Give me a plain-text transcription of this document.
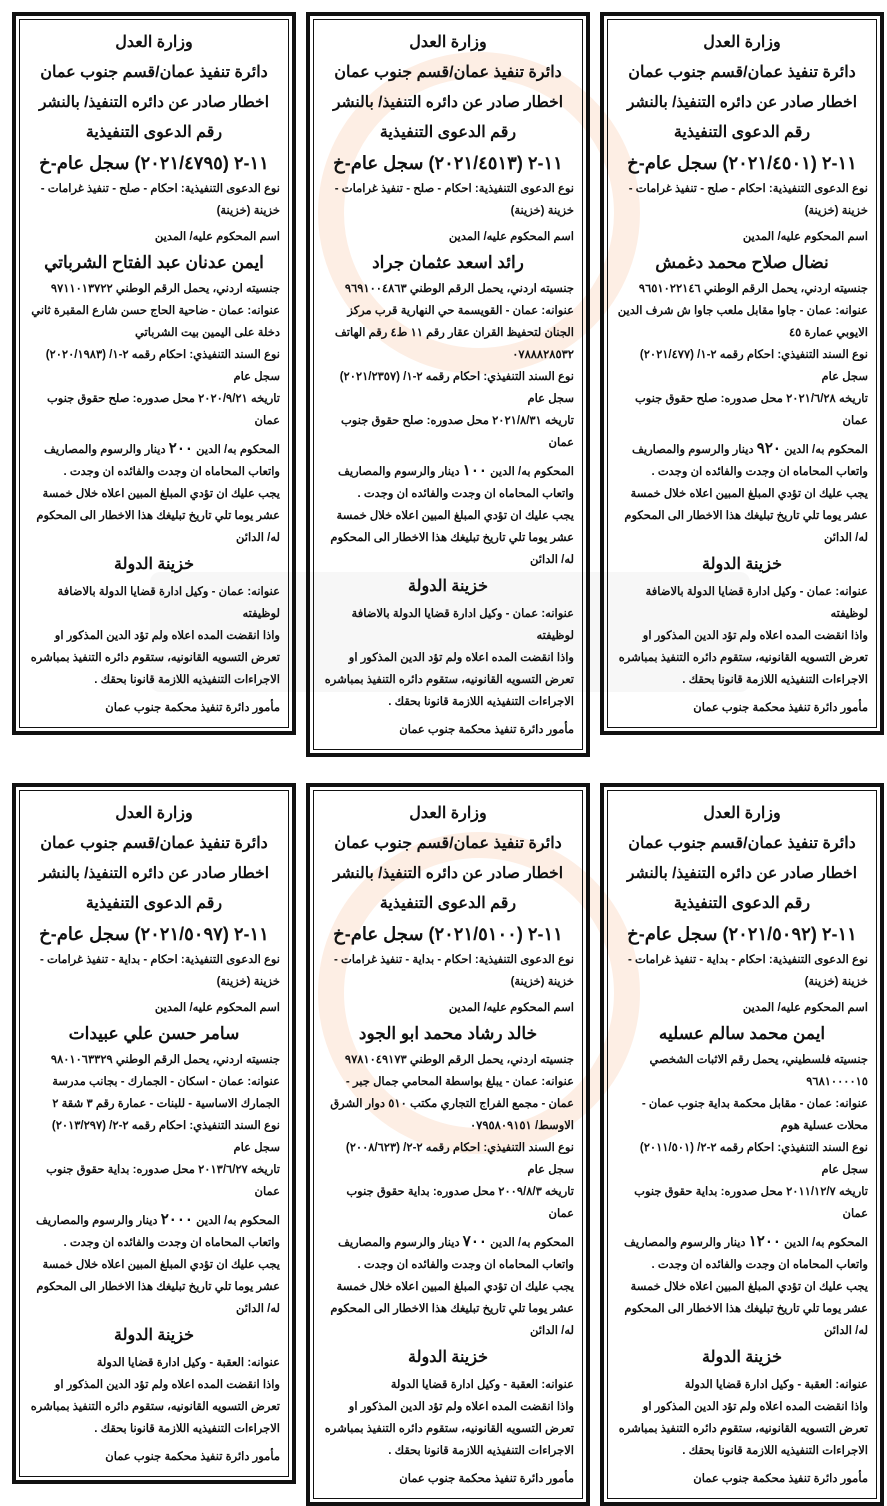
وزارة العدل
دائرة تنفيذ عمان/قسم جنوب عمان
اخطار صادر عن دائره التنفيذ/ بالنشر
رقم الدعوى التنفيذية
١١-٢ (٢٠٢١/٤٥٠١) سجل عام-خ
نوع الدعوى التنفيذية: احكام - صلح - تنفيذ غرامات - خزينة (خزينة)
اسم المحكوم عليه/ المدين
نضال صلاح محمد دغمش
جنسيته اردني، يحمل الرقم الوطني ٩٦٥١٠٢٢١٤٦
عنوانه: عمان - جاوا مقابل ملعب جاوا ش شرف الدين الايوبي عمارة ٤٥
نوع السند التنفيذي: احكام رقمه ٢-١/ (٢٠٢١/٤٧٧) سجل عام
تاريخه ٢٠٢١/٦/٢٨ محل صدوره: صلح حقوق جنوب عمان
المحكوم به/ الدين ٩٢٠ دينار والرسوم والمصاريف واتعاب المحاماه ان وجدت والفائده ان وجدت .
يجب عليك ان تؤدي المبلغ المبين اعلاه خلال خمسة عشر يوما تلي تاريخ تبليغك هذا الاخطار الى المحكوم له/ الدائن
خزينة الدولة
عنوانه: عمان - وكيل ادارة قضايا الدولة بالاضافة لوظيفته
واذا انقضت المده اعلاه ولم تؤد الدين المذكور او تعرض التسويه القانونيه، ستقوم دائره التنفيذ بمباشره الاجراءات التنفيذيه اللازمة قانونا بحقك .
مأمور دائرة تنفيذ محكمة جنوب عمان
وزارة العدل
دائرة تنفيذ عمان/قسم جنوب عمان
اخطار صادر عن دائره التنفيذ/ بالنشر
رقم الدعوى التنفيذية
١١-٢ (٢٠٢١/٤٥١٣) سجل عام-خ
نوع الدعوى التنفيذية: احكام - صلح - تنفيذ غرامات - خزينة (خزينة)
اسم المحكوم عليه/ المدين
رائد اسعد عثمان جراد
جنسيته اردني، يحمل الرقم الوطني ٩٦٩١٠٠٤٨٦٣
عنوانه: عمان - القويسمة حي النهارية قرب مركز الجنان لتحفيظ القران عقار رقم ١١ ط٤ رقم الهاتف ٠٧٨٨٨٢٨٥٣٢
نوع السند التنفيذي: احكام رقمه ٢-١/ (٢٠٢١/٢٣٥٧) سجل عام
تاريخه ٢٠٢١/٨/٣١ محل صدوره: صلح حقوق جنوب عمان
المحكوم به/ الدين ١٠٠ دينار والرسوم والمصاريف واتعاب المحاماه ان وجدت والفائده ان وجدت .
يجب عليك ان تؤدي المبلغ المبين اعلاه خلال خمسة عشر يوما تلي تاريخ تبليغك هذا الاخطار الى المحكوم له/ الدائن
خزينة الدولة
عنوانه: عمان - وكيل ادارة قضايا الدولة بالاضافة لوظيفته
واذا انقضت المده اعلاه ولم تؤد الدين المذكور او تعرض التسويه القانونيه، ستقوم دائره التنفيذ بمباشره الاجراءات التنفيذيه اللازمة قانونا بحقك .
مأمور دائرة تنفيذ محكمة جنوب عمان
وزارة العدل
دائرة تنفيذ عمان/قسم جنوب عمان
اخطار صادر عن دائره التنفيذ/ بالنشر
رقم الدعوى التنفيذية
١١-٢ (٢٠٢١/٤٧٩٥) سجل عام-خ
نوع الدعوى التنفيذية: احكام - صلح - تنفيذ غرامات - خزينة (خزينة)
اسم المحكوم عليه/ المدين
ايمن عدنان عبد الفتاح الشرباتي
جنسيته اردني، يحمل الرقم الوطني ٩٧١١٠١٣٧٢٢
عنوانه: عمان - ضاحية الحاج حسن شارع المقبرة ثاني دخلة على اليمين بيت الشرباتي
نوع السند التنفيذي: احكام رقمه ٢-١/ (٢٠٢٠/١٩٨٣) سجل عام
تاريخه ٢٠٢٠/٩/٢١ محل صدوره: صلح حقوق جنوب عمان
المحكوم به/ الدين ٢٠٠ دينار والرسوم والمصاريف واتعاب المحاماه ان وجدت والفائده ان وجدت .
يجب عليك ان تؤدي المبلغ المبين اعلاه خلال خمسة عشر يوما تلي تاريخ تبليغك هذا الاخطار الى المحكوم له/ الدائن
خزينة الدولة
عنوانه: عمان - وكيل ادارة قضايا الدولة بالاضافة لوظيفته
واذا انقضت المده اعلاه ولم تؤد الدين المذكور او تعرض التسويه القانونيه، ستقوم دائره التنفيذ بمباشره الاجراءات التنفيذيه اللازمة قانونا بحقك .
مأمور دائرة تنفيذ محكمة جنوب عمان
وزارة العدل
دائرة تنفيذ عمان/قسم جنوب عمان
اخطار صادر عن دائره التنفيذ/ بالنشر
رقم الدعوى التنفيذية
١١-٢ (٢٠٢١/٥٠٩٢) سجل عام-خ
نوع الدعوى التنفيذية: احكام - بداية - تنفيذ غرامات - خزينة (خزينة)
اسم المحكوم عليه/ المدين
ايمن محمد سالم عسليه
جنسيته فلسطيني، يحمل رقم الاثبات الشخصي ٩٦٨١٠٠٠٠١٥
عنوانه: عمان - مقابل محكمة بداية جنوب عمان - محلات عسلية هوم
نوع السند التنفيذي: احكام رقمه ٢-٢/ (٢٠١١/٥٠١) سجل عام
تاريخه ٢٠١١/١٢/٧ محل صدوره: بداية حقوق جنوب عمان
المحكوم به/ الدين ١٢٠٠ دينار والرسوم والمصاريف واتعاب المحاماه ان وجدت والفائده ان وجدت .
يجب عليك ان تؤدي المبلغ المبين اعلاه خلال خمسة عشر يوما تلي تاريخ تبليغك هذا الاخطار الى المحكوم له/ الدائن
خزينة الدولة
عنوانه: العقبة - وكيل ادارة قضايا الدولة
واذا انقضت المده اعلاه ولم تؤد الدين المذكور او تعرض التسويه القانونيه، ستقوم دائره التنفيذ بمباشره الاجراءات التنفيذيه اللازمة قانونا بحقك .
مأمور دائرة تنفيذ محكمة جنوب عمان
وزارة العدل
دائرة تنفيذ عمان/قسم جنوب عمان
اخطار صادر عن دائره التنفيذ/ بالنشر
رقم الدعوى التنفيذية
١١-٢ (٢٠٢١/٥١٠٠) سجل عام-خ
نوع الدعوى التنفيذية: احكام - بداية - تنفيذ غرامات - خزينة (خزينة)
اسم المحكوم عليه/ المدين
خالد رشاد محمد ابو الجود
جنسيته اردني، يحمل الرقم الوطني ٩٧٨١٠٤٩١٧٣
عنوانه: عمان - يبلغ بواسطة المحامي جمال جبر - عمان - مجمع الفراج التجاري مكتب ٥١٠ دوار الشرق الاوسط/ ٠٧٩٥٨٠٩١٥١
نوع السند التنفيذي: احكام رقمه ٢-٢/ (٢٠٠٨/٦٢٣) سجل عام
تاريخه ٢٠٠٩/٨/٣ محل صدوره: بداية حقوق جنوب عمان
المحكوم به/ الدين ٧٠٠ دينار والرسوم والمصاريف واتعاب المحاماه ان وجدت والفائده ان وجدت .
يجب عليك ان تؤدي المبلغ المبين اعلاه خلال خمسة عشر يوما تلي تاريخ تبليغك هذا الاخطار الى المحكوم له/ الدائن
خزينة الدولة
عنوانه: العقبة - وكيل ادارة قضايا الدولة
واذا انقضت المده اعلاه ولم تؤد الدين المذكور او تعرض التسويه القانونيه، ستقوم دائره التنفيذ بمباشره الاجراءات التنفيذيه اللازمة قانونا بحقك .
مأمور دائرة تنفيذ محكمة جنوب عمان
وزارة العدل
دائرة تنفيذ عمان/قسم جنوب عمان
اخطار صادر عن دائره التنفيذ/ بالنشر
رقم الدعوى التنفيذية
١١-٢ (٢٠٢١/٥٠٩٧) سجل عام-خ
نوع الدعوى التنفيذية: احكام - بداية - تنفيذ غرامات - خزينة (خزينة)
اسم المحكوم عليه/ المدين
سامر حسن علي عبيدات
جنسيته اردني، يحمل الرقم الوطني ٩٨٠١٠٦٣٣٢٩
عنوانه: عمان - اسكان - الجمارك - بجانب مدرسة الجمارك الاساسية - للبنات - عمارة رقم ٣ شقة ٢
نوع السند التنفيذي: احكام رقمه ٢-٢/ (٢٠١٣/٢٩٧) سجل عام
تاريخه ٢٠١٣/٦/٢٧ محل صدوره: بداية حقوق جنوب عمان
المحكوم به/ الدين ٢٠٠٠ دينار والرسوم والمصاريف واتعاب المحاماه ان وجدت والفائده ان وجدت .
يجب عليك ان تؤدي المبلغ المبين اعلاه خلال خمسة عشر يوما تلي تاريخ تبليغك هذا الاخطار الى المحكوم له/ الدائن
خزينة الدولة
عنوانه: العقبة - وكيل ادارة قضايا الدولة
واذا انقضت المده اعلاه ولم تؤد الدين المذكور او تعرض التسويه القانونيه، ستقوم دائره التنفيذ بمباشره الاجراءات التنفيذيه اللازمة قانونا بحقك .
مأمور دائرة تنفيذ محكمة جنوب عمان
